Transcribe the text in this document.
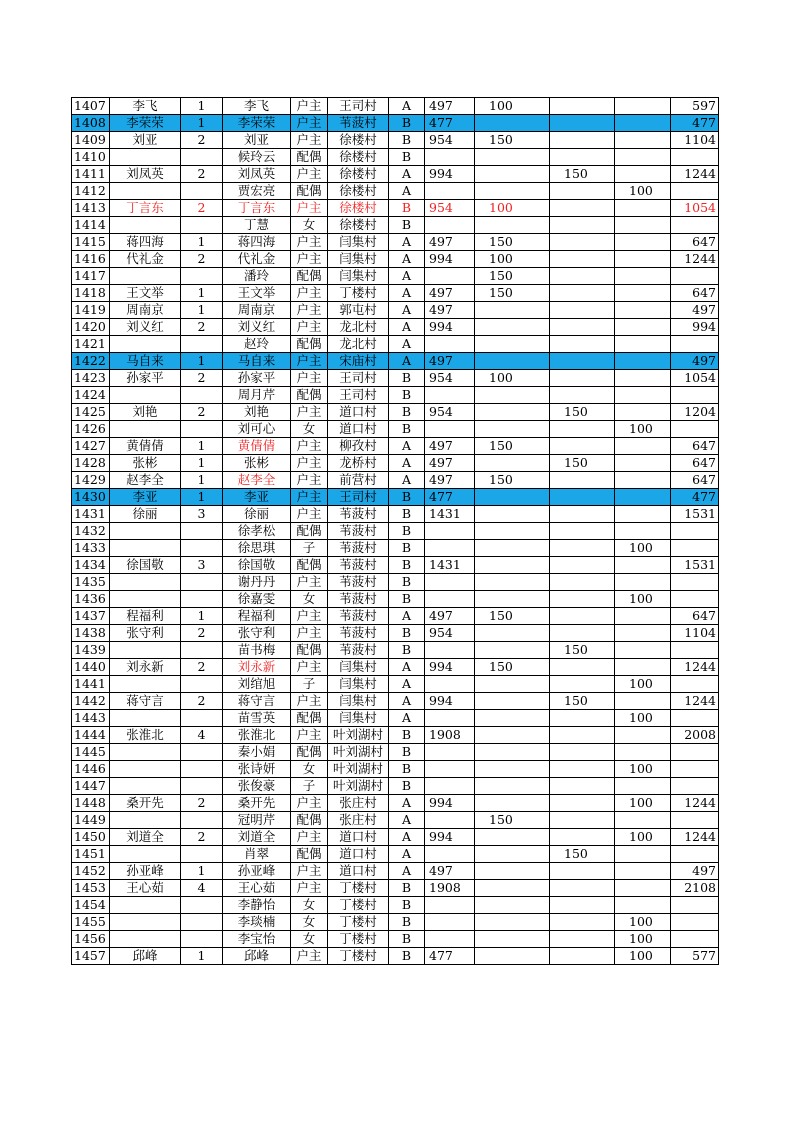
1407	李飞	1	李飞	户主	王司村	A	497	100			597
1408	李荣荣	1	李荣荣	户主	苇菠村	B	477				477
1409	刘亚	2	刘亚	户主	徐楼村	B	954	150			1104
1410			候玲云	配偶	徐楼村	B					
1411	刘凤英	2	刘凤英	户主	徐楼村	A	994		150		1244
1412			贾宏亮	配偶	徐楼村	A				100	
1413	丁言东	2	丁言东	户主	徐楼村	B	954	100			1054
1414			丁慧	女	徐楼村	B					
1415	蒋四海	1	蒋四海	户主	闫集村	A	497	150			647
1416	代礼金	2	代礼金	户主	闫集村	A	994	100			1244
1417			潘玲	配偶	闫集村	A		150			
1418	王文举	1	王文举	户主	丁楼村	A	497	150			647
1419	周南京	1	周南京	户主	郭屯村	A	497				497
1420	刘义红	2	刘义红	户主	龙北村	A	994				994
1421			赵玲	配偶	龙北村	A					
1422	马自来	1	马自来	户主	宋庙村	A	497				497
1423	孙家平	2	孙家平	户主	王司村	B	954	100			1054
1424			周月芹	配偶	王司村	B					
1425	刘艳	2	刘艳	户主	道口村	B	954		150		1204
1426			刘可心	女	道口村	B				100	
1427	黄倩倩	1	黄倩倩	户主	柳孜村	A	497	150			647
1428	张彬	1	张彬	户主	龙桥村	A	497		150		647
1429	赵李全	1	赵李全	户主	前营村	A	497	150			647
1430	李亚	1	李亚	户主	王司村	B	477				477
1431	徐丽	3	徐丽	户主	苇菠村	B	1431				1531
1432			徐孝松	配偶	苇菠村	B					
1433			徐思琪	子	苇菠村	B				100	
1434	徐国敬	3	徐国敬	配偶	苇菠村	B	1431				1531
1435			谢丹丹	户主	苇菠村	B					
1436			徐嘉雯	女	苇菠村	B				100	
1437	程福利	1	程福利	户主	苇菠村	A	497	150			647
1438	张守利	2	张守利	户主	苇菠村	B	954				1104
1439			苗书梅	配偶	苇菠村	B			150		
1440	刘永新	2	刘永新	户主	闫集村	A	994	150			1244
1441			刘绾旭	子	闫集村	A				100	
1442	蒋守言	2	蒋守言	户主	闫集村	A	994		150		1244
1443			苗雪英	配偶	闫集村	A				100	
1444	张淮北	4	张淮北	户主	叶刘湖村	B	1908				2008
1445			秦小娟	配偶	叶刘湖村	B					
1446			张诗妍	女	叶刘湖村	B				100	
1447			张俊豪	子	叶刘湖村	B					
1448	桑开先	2	桑开先	户主	张庄村	A	994			100	1244
1449			冠明芹	配偶	张庄村	A		150			
1450	刘道全	2	刘道全	户主	道口村	A	994			100	1244
1451			肖翠	配偶	道口村	A			150		
1452	孙亚峰	1	孙亚峰	户主	道口村	A	497				497
1453	王心茹	4	王心茹	户主	丁楼村	B	1908				2108
1454			李静怡	女	丁楼村	B					
1455			李琰楠	女	丁楼村	B				100	
1456			李宝怡	女	丁楼村	B				100	
1457	邱峰	1	邱峰	户主	丁楼村	B	477			100	577
